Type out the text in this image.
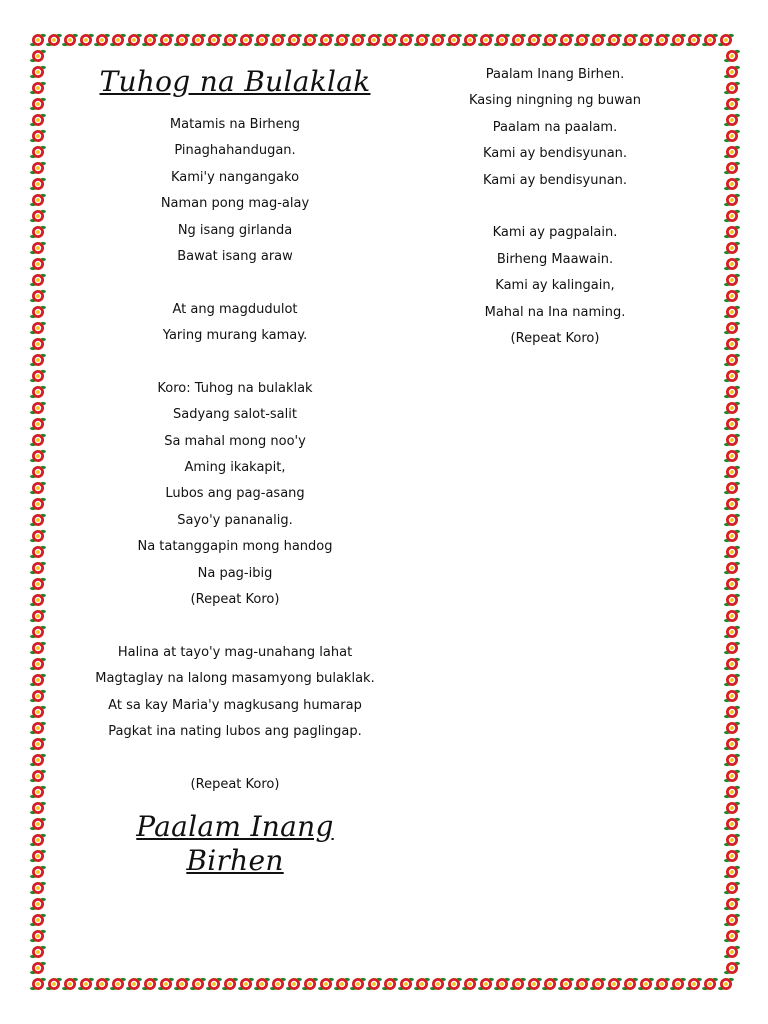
Tuhog na Bulaklak
Matamis na Birheng
Pinaghahandugan.
Kami'y nangangako
Naman pong mag-alay
Ng isang girlanda
Bawat isang araw
At ang magdudulot
Yaring murang kamay.
Koro: Tuhog na bulaklak
Sadyang salot-salit
Sa mahal mong noo'y
Aming ikakapit,
Lubos ang pag-asang
Sayo'y pananalig.
Na tatanggapin mong handog
Na pag-ibig
(Repeat Koro)
Halina at tayo'y mag-unahang lahat
Magtaglay na lalong masamyong bulaklak.
At sa kay Maria'y magkusang humarap
Pagkat ina nating lubos ang paglingap.
(Repeat Koro)
Paalam Inang
Birhen
Paalam Inang Birhen.
Kasing ningning ng buwan
Paalam na paalam.
Kami ay bendisyunan.
Kami ay bendisyunan.
Kami ay pagpalain.
Birheng Maawain.
Kami ay kalingain,
Mahal na Ina naming.
(Repeat Koro)
